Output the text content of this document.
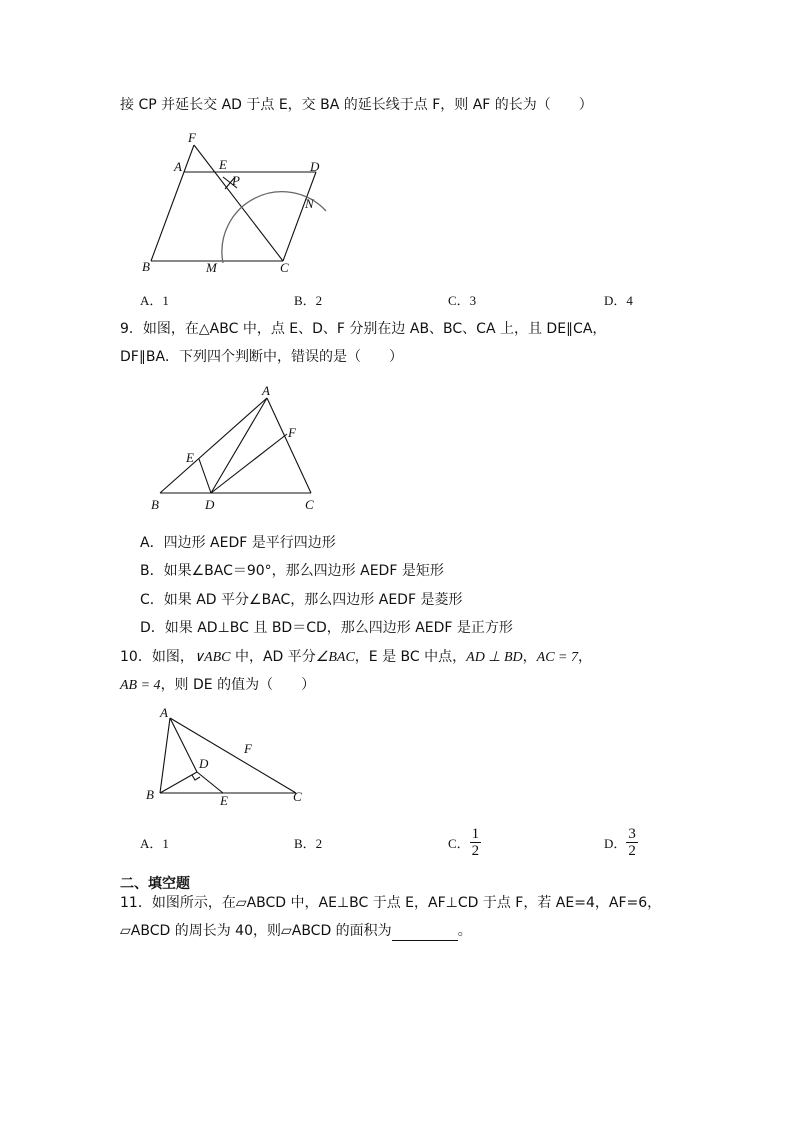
接 CP 并延长交 AD 于点 E，交 BA 的延长线于点 F，则 AF 的长为（　　）
F
A	E
P
D
N
B	M	C
A．1	B．2	C．3	D．4
9．如图，在△ABC 中，点 E、D、F 分别在边 AB、BC、CA 上，且 DE∥CA，
DF∥BA．下列四个判断中，错误的是（　　）
A
F
E
B	D	C
A．四边形 AEDF 是平行四边形
B．如果∠BAC＝90°，那么四边形 AEDF 是矩形
C．如果 AD 平分∠BAC，那么四边形 AEDF 是菱形
D．如果 AD⊥BC 且 BD＝CD，那么四边形 AEDF 是正方形
10．如图，∨ABC 中，AD 平分∠BAC，E 是 BC 中点，AD ⊥ BD，AC = 7，
AB = 4，则 DE 的值为（　　）
A
F
D
B	E	C
A．1	B．2	C． $\frac{1}{2}$	D． $\frac{3}{2}$
二、填空题
11．如图所示，在▱ABCD 中，AE⊥BC 于点 E，AF⊥CD 于点 F，若 AE=4，AF=6，
▱ABCD 的周长为 40，则▱ABCD 的面积为	。
